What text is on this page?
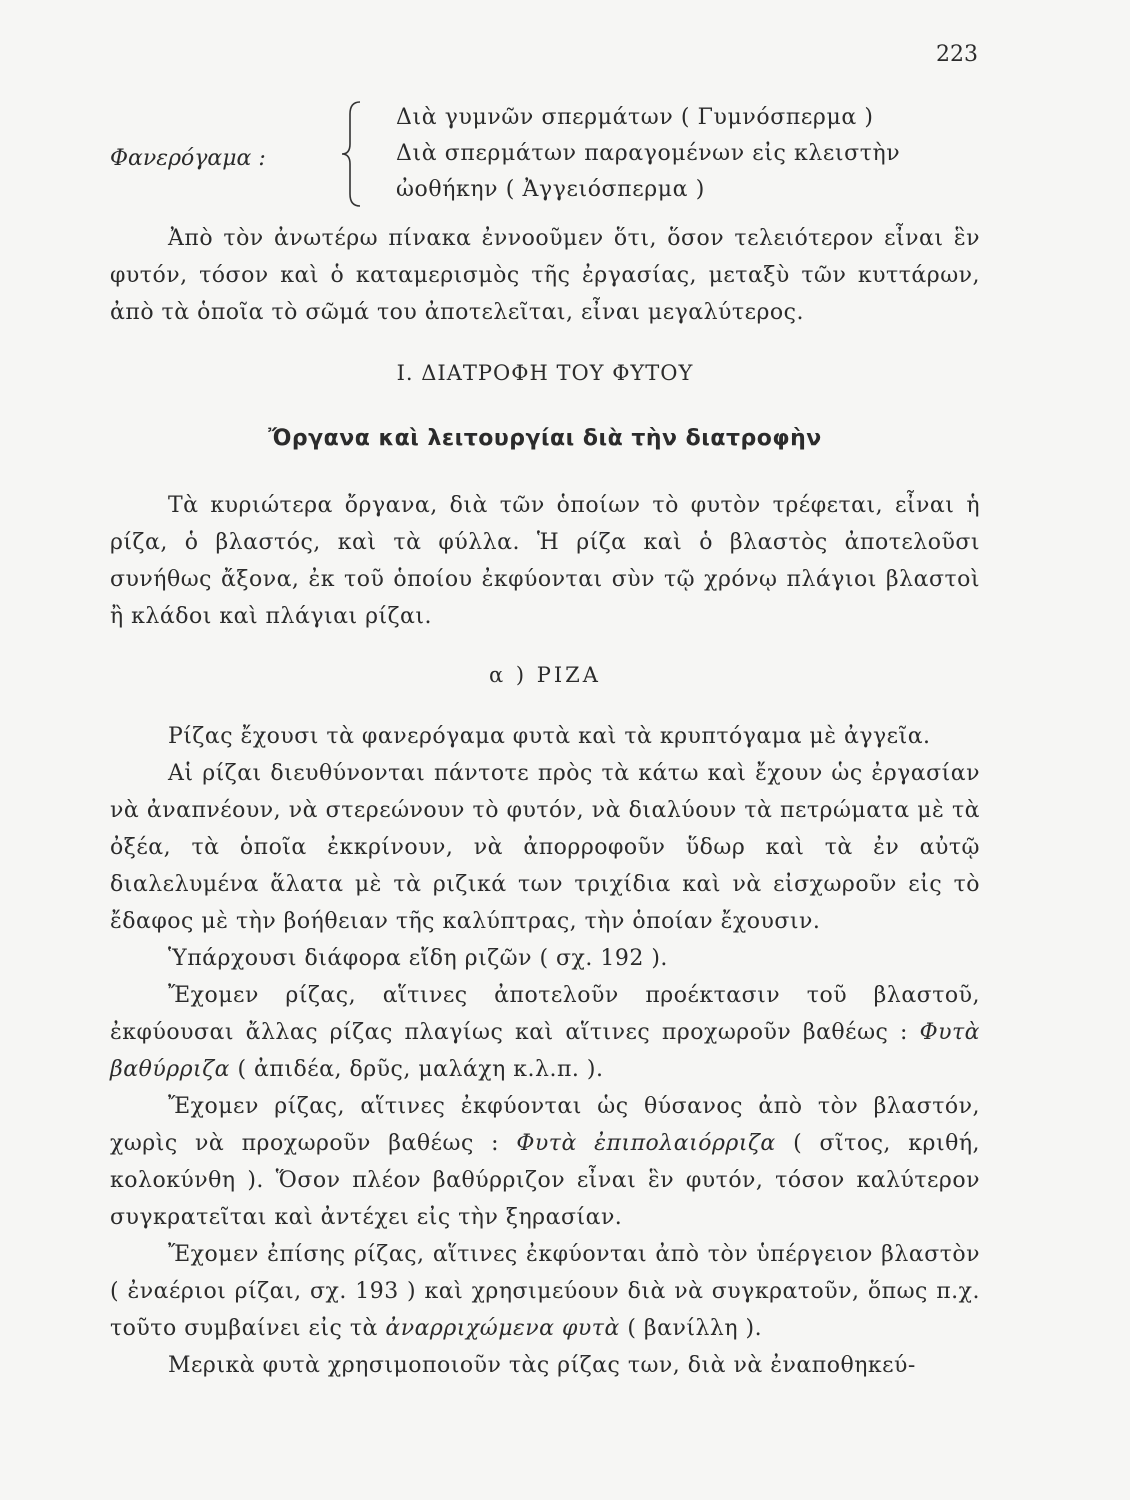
223
Φανερόγαμα :
Διὰ γυμνῶν σπερμάτων ( Γυμνόσπερμα )
Διὰ σπερμάτων παραγομένων εἰς κλειστὴν
ὠοθήκην ( Ἀγγειόσπερμα )

Ἀπὸ τὸν ἀνωτέρω πίνακα ἐννοοῦμεν ὅτι, ὅσον τελειότερον εἶναι ἓν φυτόν, τόσον καὶ ὁ καταμερισμὸς τῆς ἐργασίας, μεταξὺ τῶν κυττάρων, ἀπὸ τὰ ὁποῖα τὸ σῶμά του ἀποτελεῖται, εἶναι μεγαλύτερος.

Ι. ΔΙΑΤΡΟΦΗ ΤΟΥ ΦΥΤΟΥ
Ὄργανα καὶ λειτουργίαι διὰ τὴν διατροφὴν

Τὰ κυριώτερα ὄργανα, διὰ τῶν ὁποίων τὸ φυτὸν τρέφεται, εἶναι ἡ ρίζα, ὁ βλαστός, καὶ τὰ φύλλα. Ἡ ρίζα καὶ ὁ βλαστὸς ἀποτελοῦσι συνήθως ἄξονα, ἐκ τοῦ ὁποίου ἐκφύονται σὺν τῷ χρόνῳ πλάγιοι βλαστοὶ ἢ κλάδοι καὶ πλάγιαι ρίζαι.

α ) ΡΙΖΑ

Ρίζας ἔχουσι τὰ φανερόγαμα φυτὰ καὶ τὰ κρυπτόγαμα μὲ ἀγγεῖα.

Αἱ ρίζαι διευθύνονται πάντοτε πρὸς τὰ κάτω καὶ ἔχουν ὡς ἐργασίαν νὰ ἀναπνέουν, νὰ στερεώνουν τὸ φυτόν, νὰ διαλύουν τὰ πετρώματα μὲ τὰ ὀξέα, τὰ ὁποῖα ἐκκρίνουν, νὰ ἀπορροφοῦν ὕδωρ καὶ τὰ ἐν αὐτῷ διαλελυμένα ἅλατα μὲ τὰ ριζικά των τριχίδια καὶ νὰ εἰσχωροῦν εἰς τὸ ἔδαφος μὲ τὴν βοήθειαν τῆς καλύπτρας, τὴν ὁποίαν ἔχουσιν.

Ὑπάρχουσι διάφορα εἴδη ριζῶν ( σχ. 192 ).

Ἔχομεν ρίζας, αἵτινες ἀποτελοῦν προέκτασιν τοῦ βλαστοῦ, ἐκφύουσαι ἄλλας ρίζας πλαγίως καὶ αἵτινες προχωροῦν βαθέως : Φυτὰ βαθύρριζα ( ἀπιδέα, δρῦς, μαλάχη κ.λ.π. ).

Ἔχομεν ρίζας, αἵτινες ἐκφύονται ὡς θύσανος ἀπὸ τὸν βλαστόν, χωρὶς νὰ προχωροῦν βαθέως : Φυτὰ ἐπιπολαιόρριζα ( σῖτος, κριθή, κολοκύνθη ). Ὅσον πλέον βαθύρριζον εἶναι ἓν φυτόν, τόσον καλύτερον συγκρατεῖται καὶ ἀντέχει εἰς τὴν ξηρασίαν.

Ἔχομεν ἐπίσης ρίζας, αἵτινες ἐκφύονται ἀπὸ τὸν ὑπέργειον βλαστὸν ( ἐναέριοι ρίζαι, σχ. 193 ) καὶ χρησιμεύουν διὰ νὰ συγκρατοῦν, ὅπως π.χ. τοῦτο συμβαίνει εἰς τὰ ἀναρριχώμενα φυτὰ ( βανίλλη ).

Μερικὰ φυτὰ χρησιμοποιοῦν τὰς ρίζας των, διὰ νὰ ἐναποθηκεύ-
